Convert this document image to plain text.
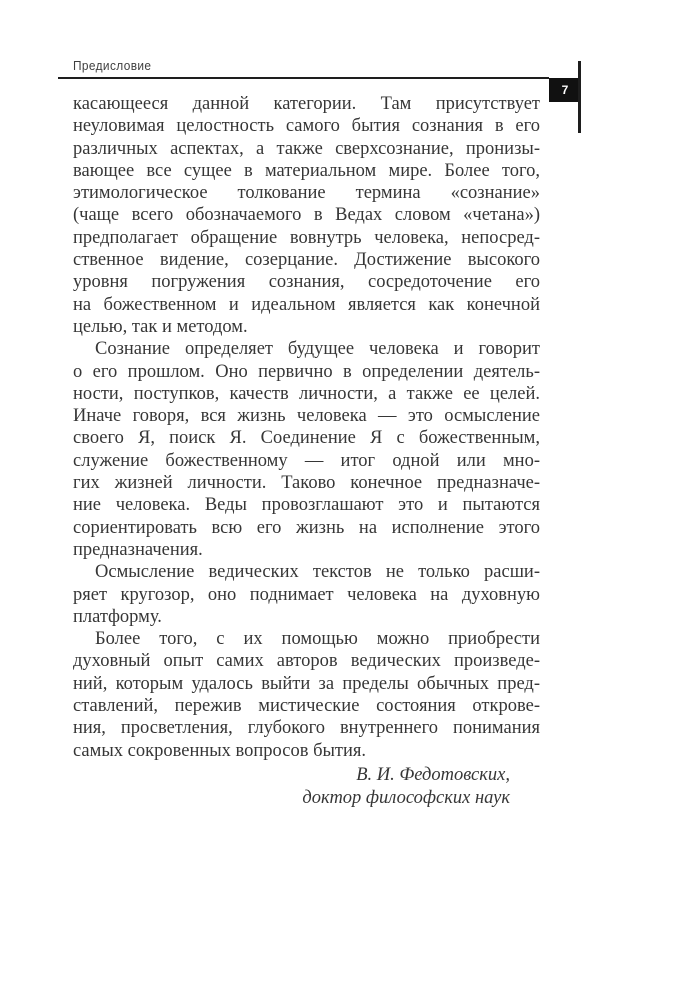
Предисловие
7
касающееся данной категории. Там присутствует
неуловимая целостность самого бытия сознания в его
различных аспектах, а также сверхсознание, пронизы-
вающее все сущее в материальном мире. Более того,
этимологическое толкование термина «сознание»
(чаще всего обозначаемого в Ведах словом «четана»)
предполагает обращение вовнутрь человека, непосред-
ственное видение, созерцание. Достижение высокого
уровня погружения сознания, сосредоточение его
на божественном и идеальном является как конечной
целью, так и методом.
Сознание определяет будущее человека и говорит
о его прошлом. Оно первично в определении деятель-
ности, поступков, качеств личности, а также ее целей.
Иначе говоря, вся жизнь человека — это осмысление
своего Я, поиск Я. Соединение Я с божественным,
служение божественному — итог одной или мно-
гих жизней личности. Таково конечное предназначе-
ние человека. Веды провозглашают это и пытаются
сориентировать всю его жизнь на исполнение этого
предназначения.
Осмысление ведических текстов не только расши-
ряет кругозор, оно поднимает человека на духовную
платформу.
Более того, с их помощью можно приобрести
духовный опыт самих авторов ведических произведе-
ний, которым удалось выйти за пределы обычных пред-
ставлений, пережив мистические состояния открове-
ния, просветления, глубокого внутреннего понимания
самых сокровенных вопросов бытия.
В. И. Федотовских,
доктор философских наук
